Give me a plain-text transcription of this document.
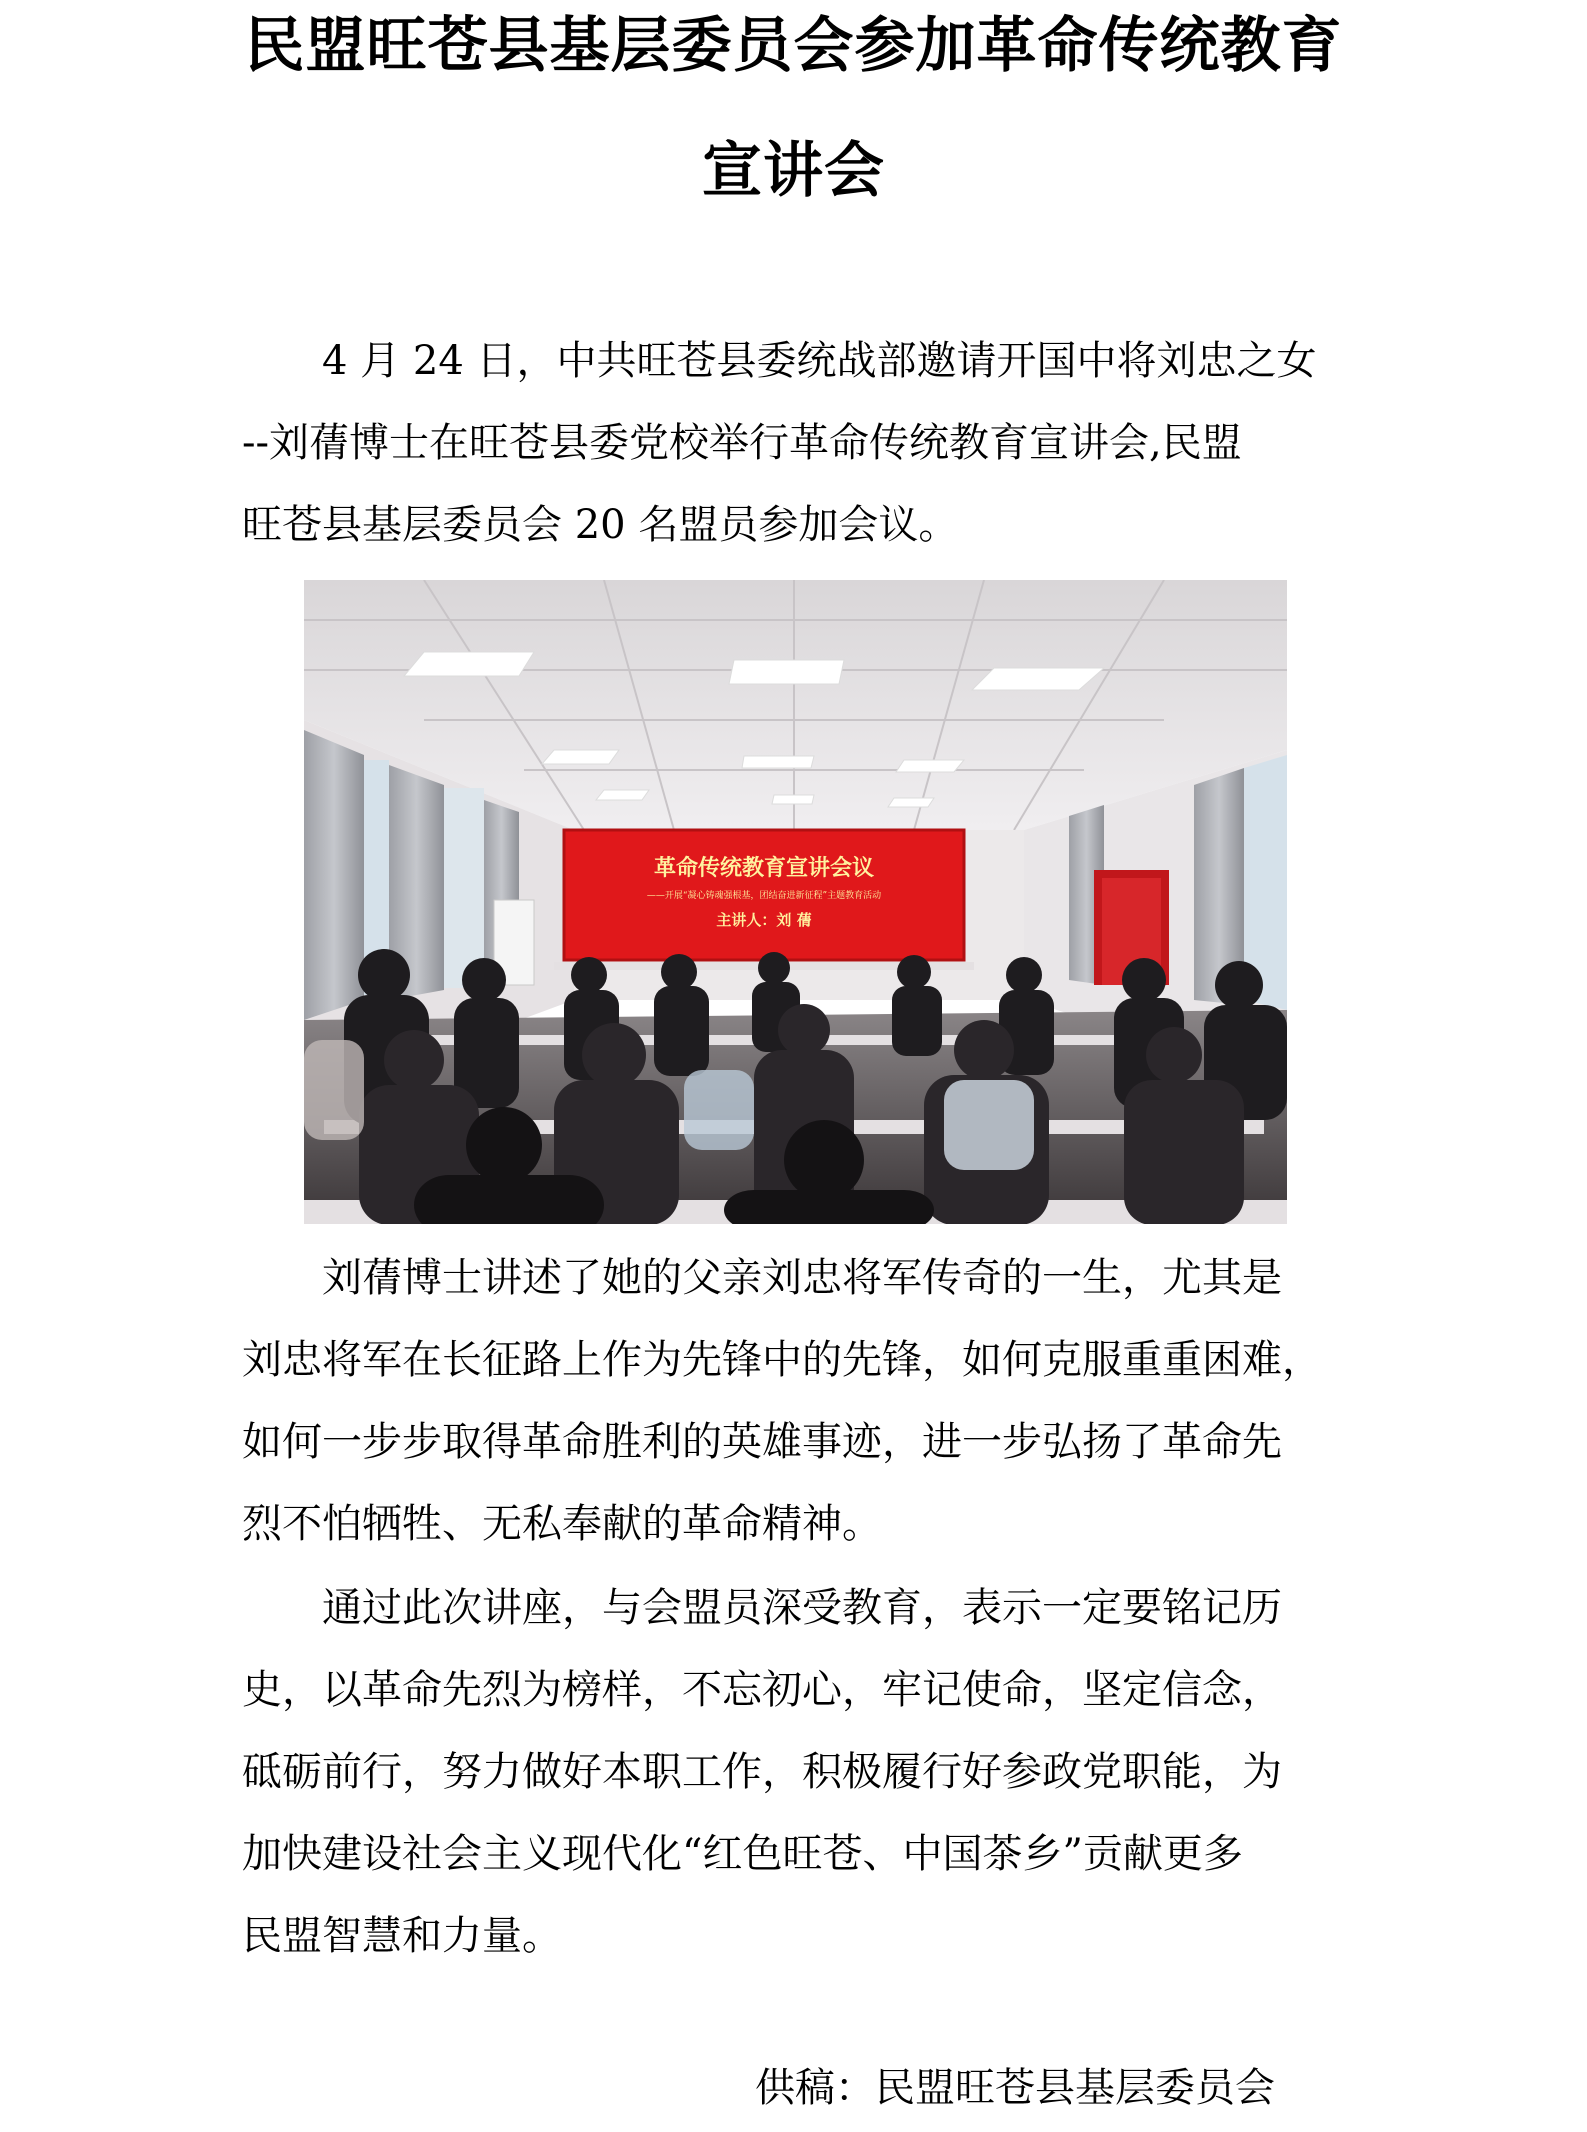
民盟旺苍县基层委员会参加革命传统教育
宣讲会
4 月 24 日，中共旺苍县委统战部邀请开国中将刘忠之女
--刘蒨博士在旺苍县委党校举行革命传统教育宣讲会,民盟
旺苍县基层委员会 20 名盟员参加会议。
革命传统教育宣讲会议
——开展“凝心铸魂强根基，团结奋进新征程”主题教育活动
主讲人：刘 蒨
刘蒨博士讲述了她的父亲刘忠将军传奇的一生，尤其是
刘忠将军在长征路上作为先锋中的先锋，如何克服重重困难，
如何一步步取得革命胜利的英雄事迹，进一步弘扬了革命先
烈不怕牺牲、无私奉献的革命精神。
通过此次讲座，与会盟员深受教育，表示一定要铭记历
史，以革命先烈为榜样，不忘初心，牢记使命，坚定信念，
砥砺前行，努力做好本职工作，积极履行好参政党职能，为
加快建设社会主义现代化“红色旺苍、中国茶乡”贡献更多
民盟智慧和力量。
供稿：民盟旺苍县基层委员会
